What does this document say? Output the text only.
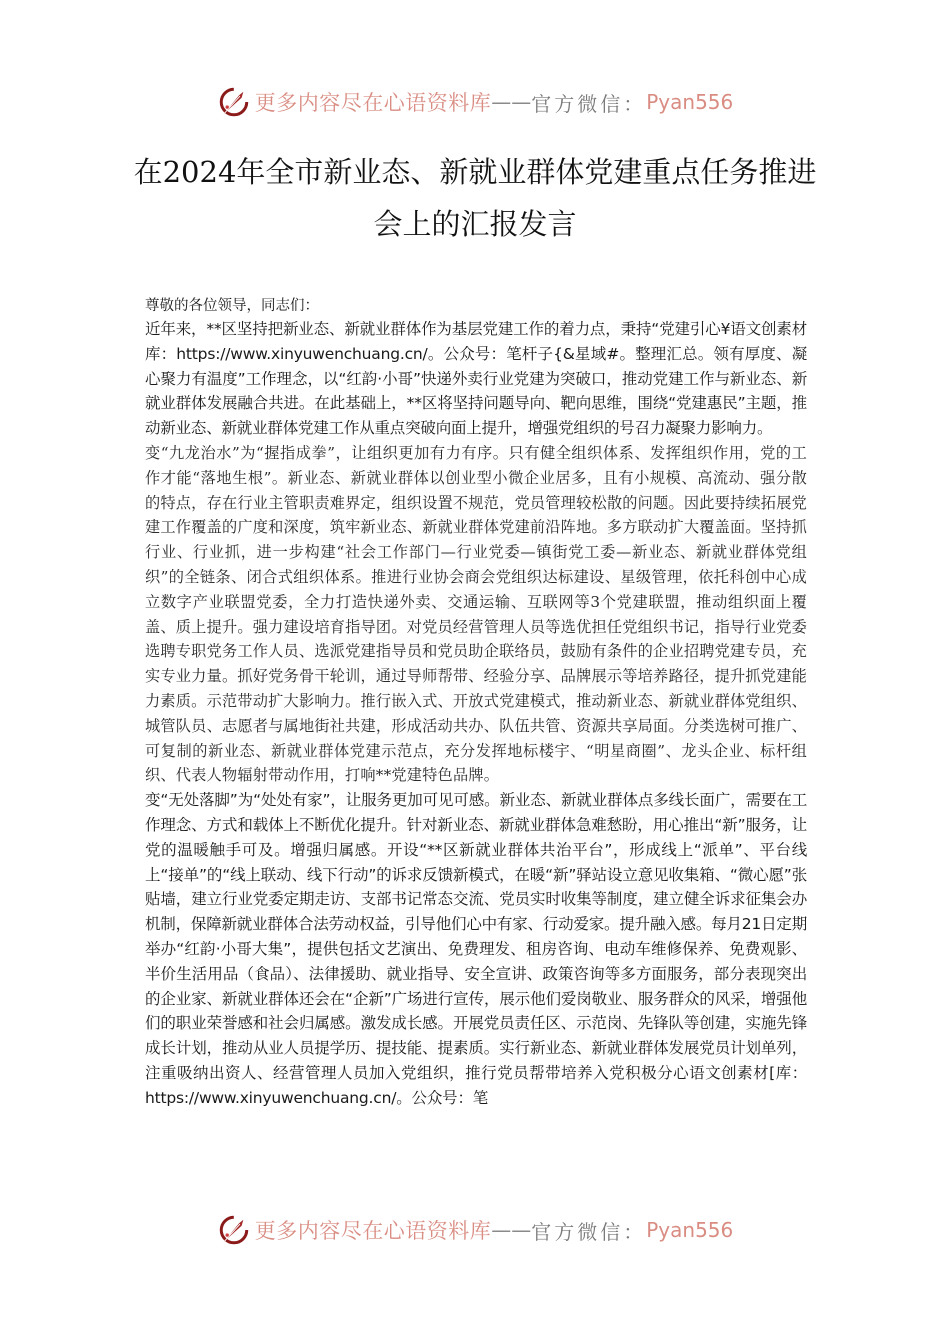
更多内容尽在心语资料库 —— 官方微信： Pyan556
在2024年全市新业态、新就业群体党建重点任务推进会上的汇报发言

尊敬的各位领导，同志们：

近年来，**区坚持把新业态、新就业群体作为基层党建工作的着力点，秉持“党建引心¥语文创素材库：https://www.xinyuwenchuang.cn/。公众号：笔杆子{&星域#。整理汇总。领有厚度、凝心聚力有温度”工作理念，以“红韵·小哥”快递外卖行业党建为突破口，推动党建工作与新业态、新就业群体发展融合共进。在此基础上，**区将坚持问题导向、靶向思维，围绕“党建惠民”主题，推动新业态、新就业群体党建工作从重点突破向面上提升，增强党组织的号召力凝聚力影响力。

变“九龙治水”为“握指成拳”，让组织更加有力有序。只有健全组织体系、发挥组织作用，党的工作才能“落地生根”。新业态、新就业群体以创业型小微企业居多，且有小规模、高流动、强分散的特点，存在行业主管职责难界定，组织设置不规范，党员管理较松散的问题。因此要持续拓展党建工作覆盖的广度和深度，筑牢新业态、新就业群体党建前沿阵地。多方联动扩大覆盖面。坚持抓行业、行业抓，进一步构建“社会工作部门—行业党委—镇街党工委—新业态、新就业群体党组织”的全链条、闭合式组织体系。推进行业协会商会党组织达标建设、星级管理，依托科创中心成立数字产业联盟党委，全力打造快递外卖、交通运输、互联网等3个党建联盟，推动组织面上覆盖、质上提升。强力建设培育指导团。对党员经营管理人员等选优担任党组织书记，指导行业党委选聘专职党务工作人员、选派党建指导员和党员助企联络员，鼓励有条件的企业招聘党建专员，充实专业力量。抓好党务骨干轮训，通过导师帮带、经验分享、品牌展示等培养路径，提升抓党建能力素质。示范带动扩大影响力。推行嵌入式、开放式党建模式，推动新业态、新就业群体党组织、城管队员、志愿者与属地街社共建，形成活动共办、队伍共管、资源共享局面。分类选树可推广、可复制的新业态、新就业群体党建示范点，充分发挥地标楼宇、“明星商圈”、龙头企业、标杆组织、代表人物辐射带动作用，打响**党建特色品牌。

变“无处落脚”为“处处有家”，让服务更加可见可感。新业态、新就业群体点多线长面广，需要在工作理念、方式和载体上不断优化提升。针对新业态、新就业群体急难愁盼，用心推出“新”服务，让党的温暖触手可及。增强归属感。开设“**区新就业群体共治平台”，形成线上“派单”、平台线上“接单”的“线上联动、线下行动”的诉求反馈新模式，在暖“新”驿站设立意见收集箱、“微心愿”张贴墙，建立行业党委定期走访、支部书记常态交流、党员实时收集等制度，建立健全诉求征集会办机制，保障新就业群体合法劳动权益，引导他们心中有家、行动爱家。提升融入感。每月21日定期举办“红韵·小哥大集”，提供包括文艺演出、免费理发、租房咨询、电动车维修保养、免费观影、半价生活用品（食品）、法律援助、就业指导、安全宣讲、政策咨询等多方面服务，部分表现突出的企业家、新就业群体还会在“企新”广场进行宣传，展示他们爱岗敬业、服务群众的风采，增强他们的职业荣誉感和社会归属感。激发成长感。开展党员责任区、示范岗、先锋队等创建，实施先锋成长计划，推动从业人员提学历、提技能、提素质。实行新业态、新就业群体发展党员计划单列，注重吸纳出资人、经营管理人员加入党组织，推行党员帮带培养入党积极分心语文创素材[库：https://www.xinyuwenchuang.cn/。公众号：笔

更多内容尽在心语资料库 —— 官方微信： Pyan556
